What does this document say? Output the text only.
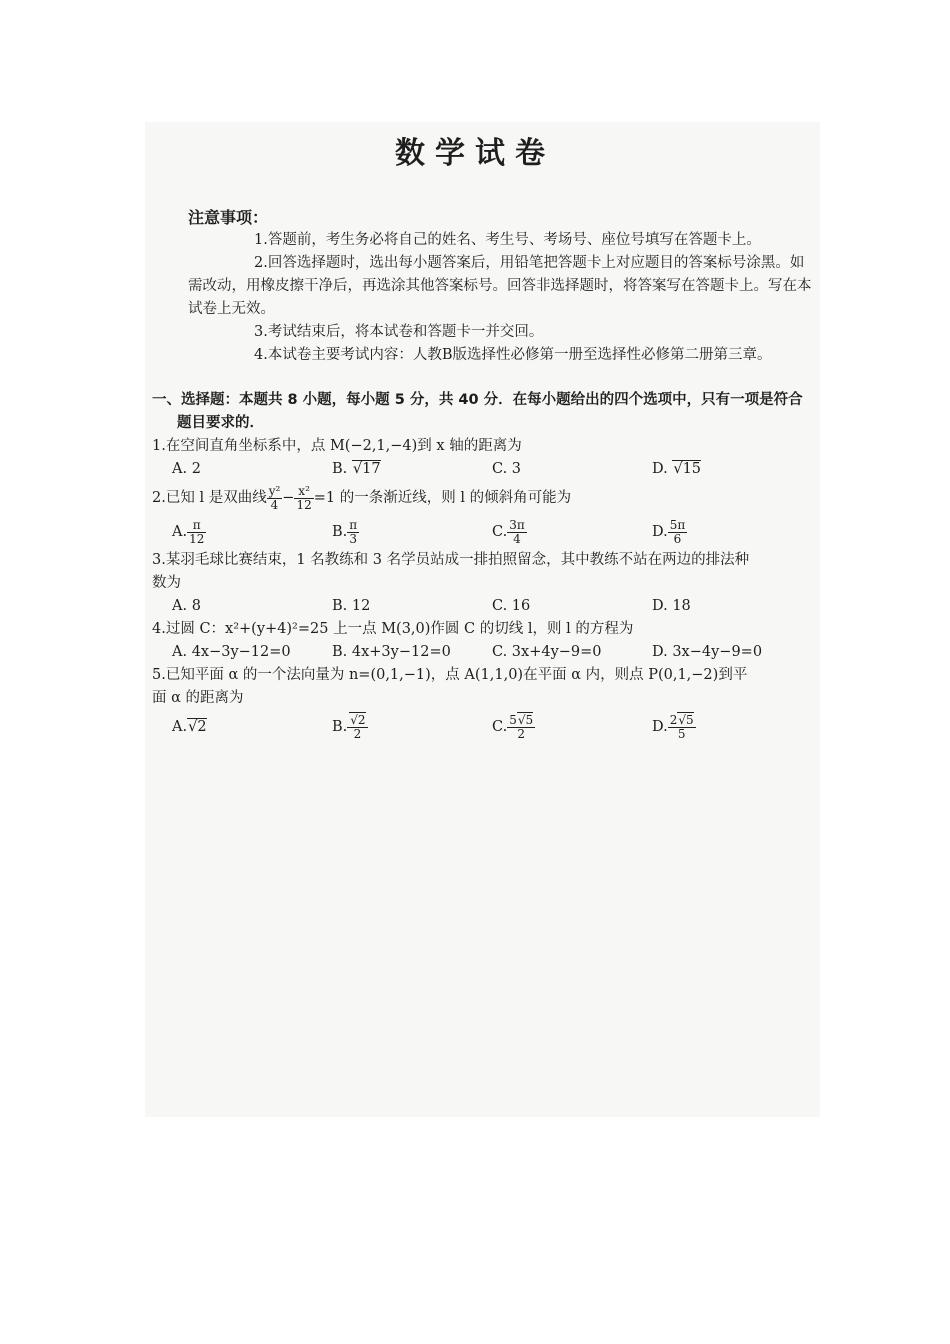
数学试卷
注意事项：
1.答题前，考生务必将自己的姓名、考生号、考场号、座位号填写在答题卡上。
2.回答选择题时，选出每小题答案后，用铅笔把答题卡上对应题目的答案标号涂黑。如需改动，用橡皮擦干净后，再选涂其他答案标号。回答非选择题时，将答案写在答题卡上。写在本试卷上无效。
3.考试结束后，将本试卷和答题卡一并交回。
4.本试卷主要考试内容：人教B版选择性必修第一册至选择性必修第二册第三章。
一、选择题：本题共 8 小题，每小题 5 分，共 40 分．在每小题给出的四个选项中，只有一项是符合
题目要求的．
1.在空间直角坐标系中，点 M(−2,1,−4)到 x 轴的距离为
A. 2	B. √ 17	C. 3	D. √ 15
2.已知 l 是双曲线 $\frac{\text{y²}}{4} - \frac{\text{x²}}{12} =1$ 的一条渐近线，则 l 的倾斜角可能为
A. $\frac{\pi}{12}$	B. $\frac{\pi}{3}$	C. $\frac{3\pi}{4}$	D. $\frac{5\pi}{6}$
3.某羽毛球比赛结束，1 名教练和 3 名学员站成一排拍照留念，其中教练不站在两边的排法种
数为
A. 8	B. 12	C. 16	D. 18
4.过圆 C：x²+(y+4)²=25 上一点 M(3,0)作圆 C 的切线 l，则 l 的方程为
A. 4x−3y−12=0	B. 4x+3y−12=0	C. 3x+4y−9=0	D. 3x−4y−9=0
5.已知平面 α 的一个法向量为 n=(0,1,−1)，点 A(1,1,0)在平面 α 内，则点 P(0,1,−2)到平
面 α 的距离为
A. √ 2	B. √ $\frac{2}{2}$	C. $\frac{5 √ 5}{2}$	D. $\frac{2 √ 5}{5}$
